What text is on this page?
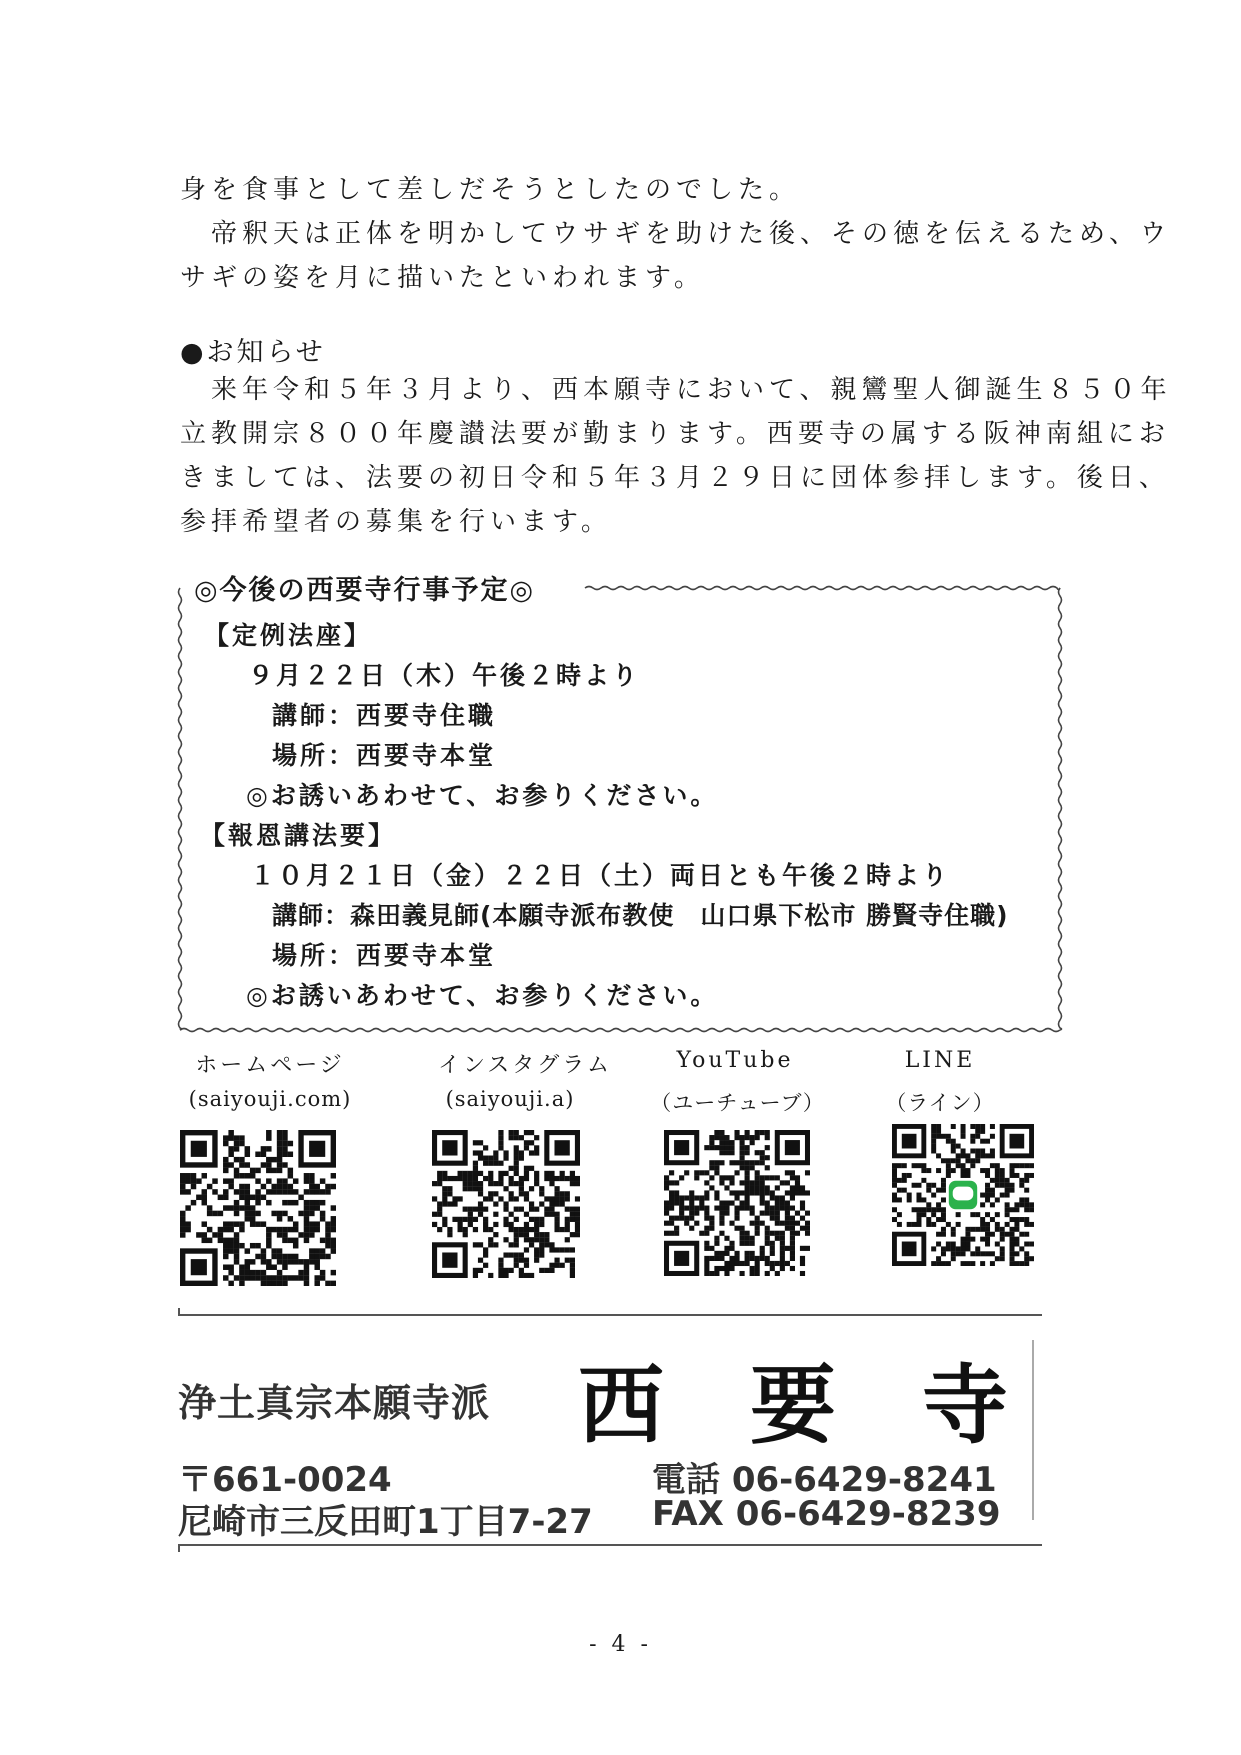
身を食事として差しだそうとしたのでした。
　帝釈天は正体を明かしてウサギを助けた後、その徳を伝えるため、ウ
サギの姿を月に描いたといわれます。
●お知らせ
　来年令和５年３月より、西本願寺において、親鸞聖人御誕生８５０年
立教開宗８００年慶讃法要が勤まります。西要寺の属する阪神南組にお
きましては、法要の初日令和５年３月２９日に団体参拝します。後日、
参拝希望者の募集を行います。
◎今後の西要寺行事予定◎
【定例法座】
９月２２日（木）午後２時より
講師：西要寺住職
場所：西要寺本堂
◎お誘いあわせて、お参りください。
【報恩講法要】
１０月２１日（金）２２日（土）両日とも午後２時より
講師：森田義見師(本願寺派布教使　山口県下松市 勝賢寺住職)
場所：西要寺本堂
◎お誘いあわせて、お参りください。
ホームページ
(saiyouji.com)
インスタグラム
(saiyouji.a)
YouTube
（ユーチューブ）
LINE
（ライン）
浄土真宗本願寺派 西　要　寺
〒661-0024
尼崎市三反田町1丁目7-27
電話 06-6429-8241
FAX 06-6429-8239
- 4 -
